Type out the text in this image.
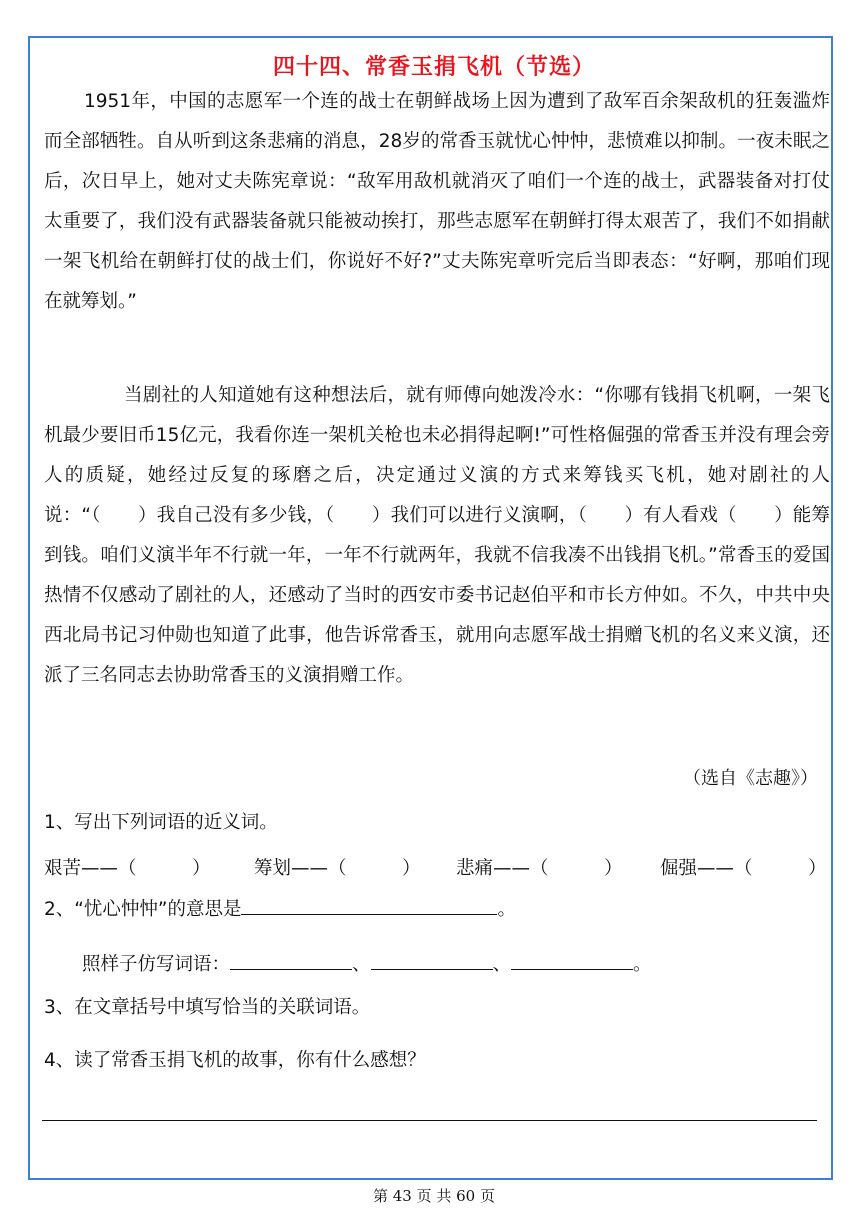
四十四、常香玉捐飞机（节选）
1951年，中国的志愿军一个连的战士在朝鲜战场上因为遭到了敌军百余架敌机的狂轰滥炸而全部牺牲。自从听到这条悲痛的消息，28岁的常香玉就忧心忡忡，悲愤难以抑制。一夜未眠之后，次日早上，她对丈夫陈宪章说：“敌军用敌机就消灭了咱们一个连的战士，武器装备对打仗太重要了，我们没有武器装备就只能被动挨打，那些志愿军在朝鲜打得太艰苦了，我们不如捐献一架飞机给在朝鲜打仗的战士们，你说好不好?”丈夫陈宪章听完后当即表态：“好啊，那咱们现在就筹划。”
当剧社的人知道她有这种想法后，就有师傅向她泼冷水：“你哪有钱捐飞机啊，一架飞机最少要旧币15亿元，我看你连一架机关枪也未必捐得起啊!”可性格倔强的常香玉并没有理会旁人的质疑，她经过反复的琢磨之后，决定通过义演的方式来筹钱买飞机，她对剧社的人说：“（　　）我自己没有多少钱，（　　）我们可以进行义演啊，（　　）有人看戏（　　）能筹到钱。咱们义演半年不行就一年，一年不行就两年，我就不信我凑不出钱捐飞机。”常香玉的爱国热情不仅感动了剧社的人，还感动了当时的西安市委书记赵伯平和市长方仲如。不久，中共中央西北局书记习仲勋也知道了此事，他告诉常香玉，就用向志愿军战士捐赠飞机的名义来义演，还派了三名同志去协助常香玉的义演捐赠工作。
（选自《志趣》）
1、写出下列词语的近义词。
艰苦——（　　　） 筹划——（　　　） 悲痛——（　　　） 倔强——（　　　）
2、“忧心忡忡”的意思是	。
照样子仿写词语：	、	、	。
3、在文章括号中填写恰当的关联词语。
4、读了常香玉捐飞机的故事，你有什么感想？
第 43 页 共 60 页
